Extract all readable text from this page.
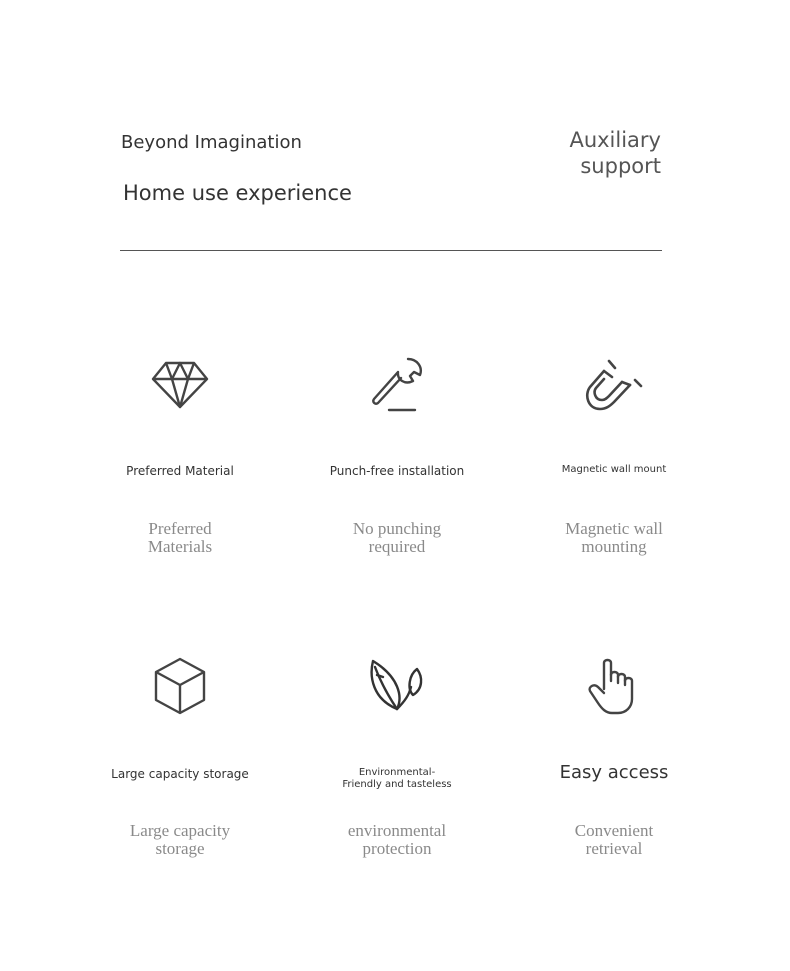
Beyond Imagination
Home use experience
Auxiliary
support
Preferred Material
Preferred
Materials
Punch-free installation
No punching
required
Magnetic wall mount
Magnetic wall
mounting
Large capacity storage
Large capacity
storage
Environmental-
Friendly and tasteless
environmental
protection
Easy access
Convenient
retrieval
